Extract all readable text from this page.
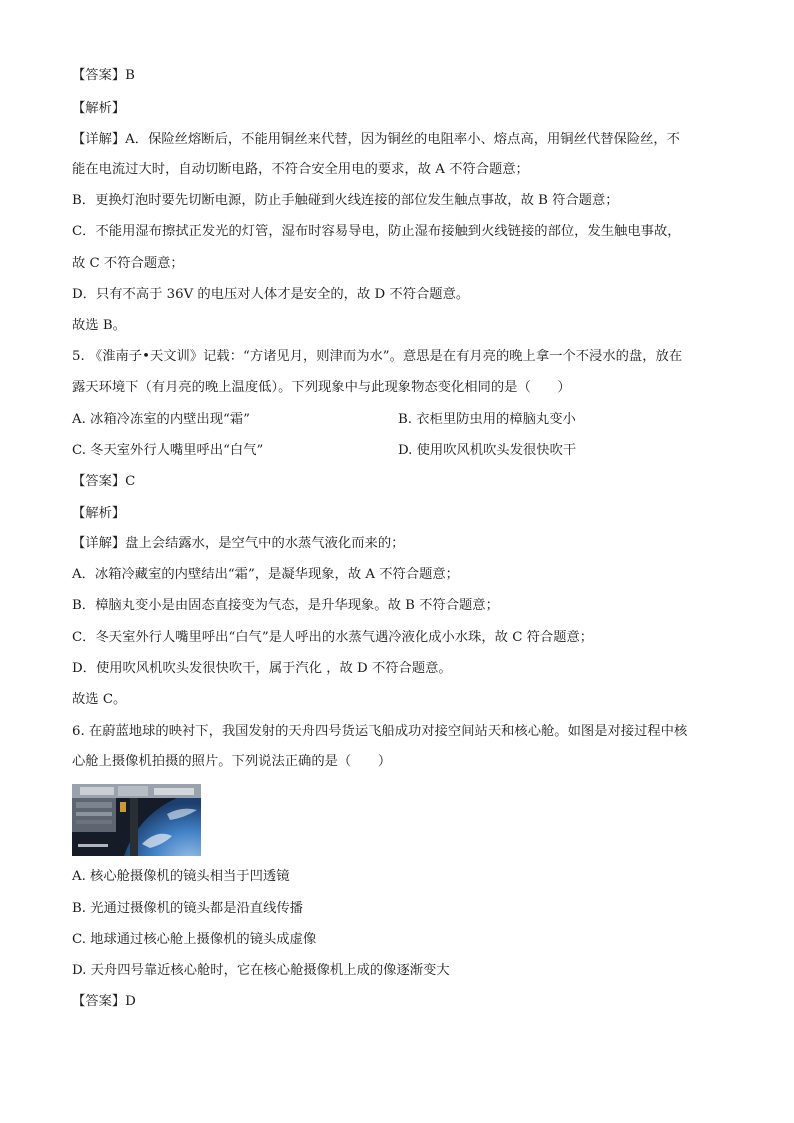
【答案】B
【解析】
【详解】A．保险丝熔断后，不能用铜丝来代替，因为铜丝的电阻率小、熔点高，用铜丝代替保险丝，不
能在电流过大时，自动切断电路，不符合安全用电的要求，故 A 不符合题意；
B．更换灯泡时要先切断电源，防止手触碰到火线连接的部位发生触点事故，故 B 符合题意；
C．不能用湿布擦拭正发光的灯管，湿布时容易导电，防止湿布接触到火线链接的部位，发生触电事故，
故 C 不符合题意；
D．只有不高于 36V 的电压对人体才是安全的，故 D 不符合题意。
故选 B。
5. 《淮南子•天文训》记载：“方诸见月，则津而为水”。意思是在有月亮的晚上拿一个不浸水的盘，放在
露天环境下（有月亮的晚上温度低）。下列现象中与此现象物态变化相同的是（　　）
A. 冰箱冷冻室的内壁出现“霜”	B. 衣柜里防虫用的樟脑丸变小
C. 冬天室外行人嘴里呼出“白气”	D. 使用吹风机吹头发很快吹干
【答案】C
【解析】
【详解】盘上会结露水，是空气中的水蒸气液化而来的；
A．冰箱冷藏室的内壁结出“霜”，是凝华现象，故 A 不符合题意；
B．樟脑丸变小是由固态直接变为气态，是升华现象。故 B 不符合题意；
C．冬天室外行人嘴里呼出“白气”是人呼出的水蒸气遇冷液化成小水珠，故 C 符合题意；
D．使用吹风机吹头发很快吹干，属于汽化 ，故 D 不符合题意。
故选 C。
6. 在蔚蓝地球的映衬下，我国发射的天舟四号货运飞船成功对接空间站天和核心舱。如图是对接过程中核
心舱上摄像机拍摄的照片。下列说法正确的是（　　）
A. 核心舱摄像机的镜头相当于凹透镜
B. 光通过摄像机的镜头都是沿直线传播
C. 地球通过核心舱上摄像机的镜头成虚像
D. 天舟四号靠近核心舱时，它在核心舱摄像机上成的像逐渐变大
【答案】D
